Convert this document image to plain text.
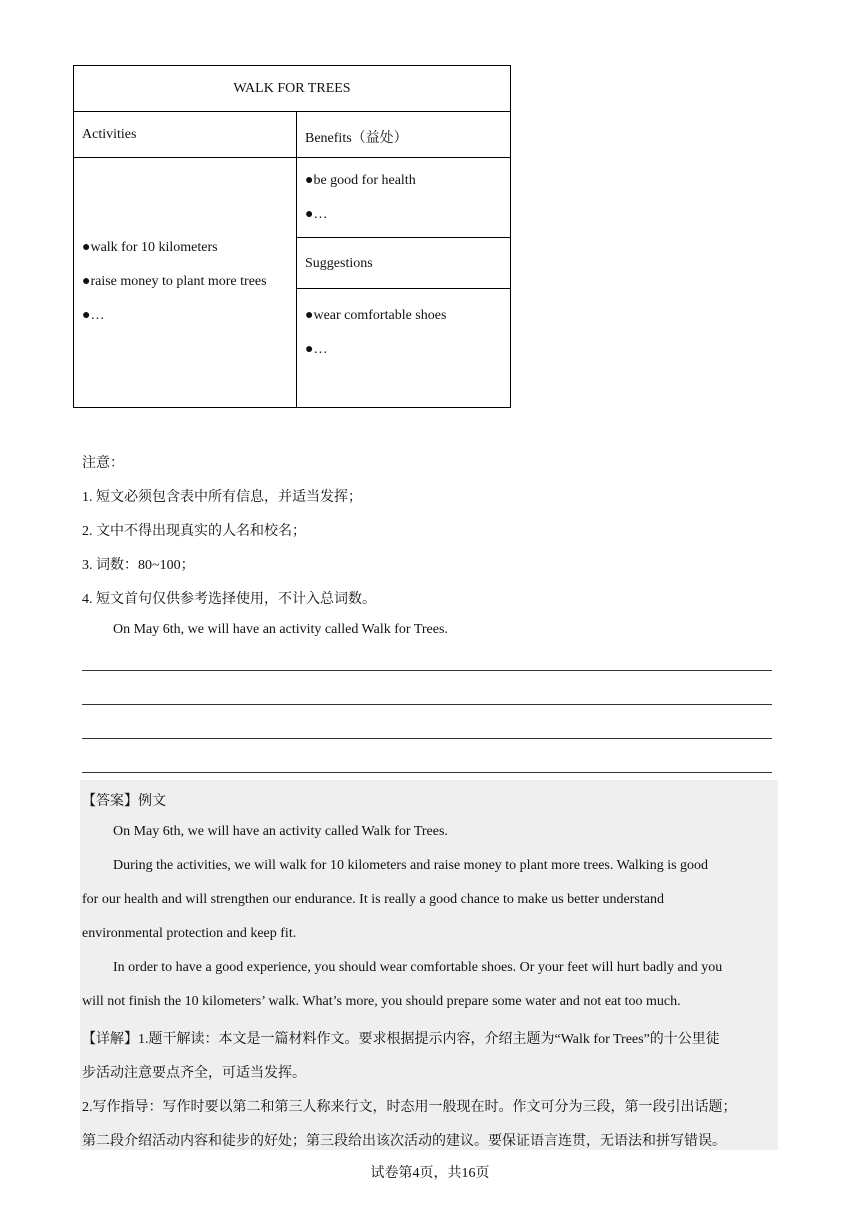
WALK FOR TREES
Activities	Benefits（益处）
●walk for 10 kilometers
●raise money to plant more trees
●…
●be good for health
●…
Suggestions
●wear comfortable shoes
●…
注意：
1. 短文必须包含表中所有信息，并适当发挥；
2. 文中不得出现真实的人名和校名；
3. 词数：80~100；
4. 短文首句仅供参考选择使用，不计入总词数。
On May 6th, we will have an activity called Walk for Trees.
【答案】例文
On May 6th, we will have an activity called Walk for Trees.
During the activities, we will walk for 10 kilometers and raise money to plant more trees. Walking is good
for our health and will strengthen our endurance. It is really a good chance to make us better understand
environmental protection and keep fit.
In order to have a good experience, you should wear comfortable shoes. Or your feet will hurt badly and you
will not finish the 10 kilometers’ walk. What’s more, you should prepare some water and not eat too much.
【详解】1.题干解读：本文是一篇材料作文。要求根据提示内容，介绍主题为“Walk for Trees”的十公里徒
步活动注意要点齐全，可适当发挥。
2.写作指导：写作时要以第二和第三人称来行文，时态用一般现在时。作文可分为三段，第一段引出话题；
第二段介绍活动内容和徒步的好处；第三段给出该次活动的建议。要保证语言连贯，无语法和拼写错误。
试卷第4页，共16页
